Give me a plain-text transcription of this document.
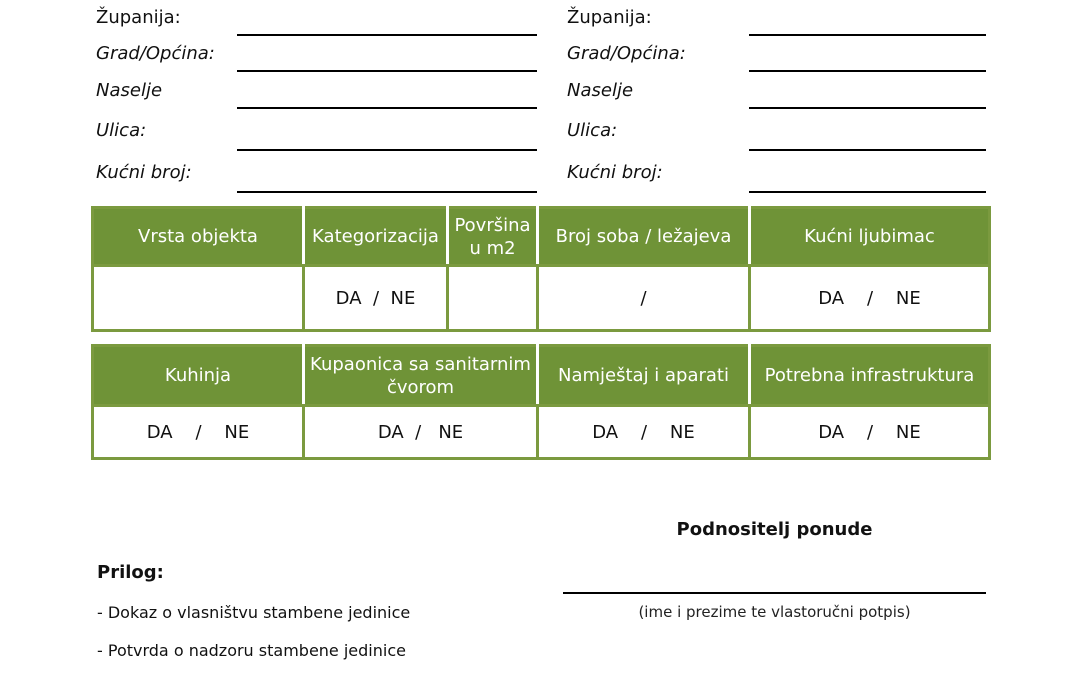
Županija:
Grad/Općina:
Naselje
Ulica:
Kućni broj:
Županija:
Grad/Općina:
Naselje
Ulica:
Kućni broj:
Vrsta objekta	Kategorizacija	Površina u m2	Broj soba / ležajeva	Kućni ljubimac
	DA  /  NE		/	DA    /    NE
Kuhinja	Kupaonica sa sanitarnim čvorom	Namještaj i aparati	Potrebna infrastruktura
DA    /    NE	DA  /   NE	DA    /    NE	DA    /    NE
Podnositelj ponude
(ime i prezime te vlastoručni potpis)
Prilog:
- Dokaz o vlasništvu stambene jedinice
- Potvrda o nadzoru stambene jedinice
